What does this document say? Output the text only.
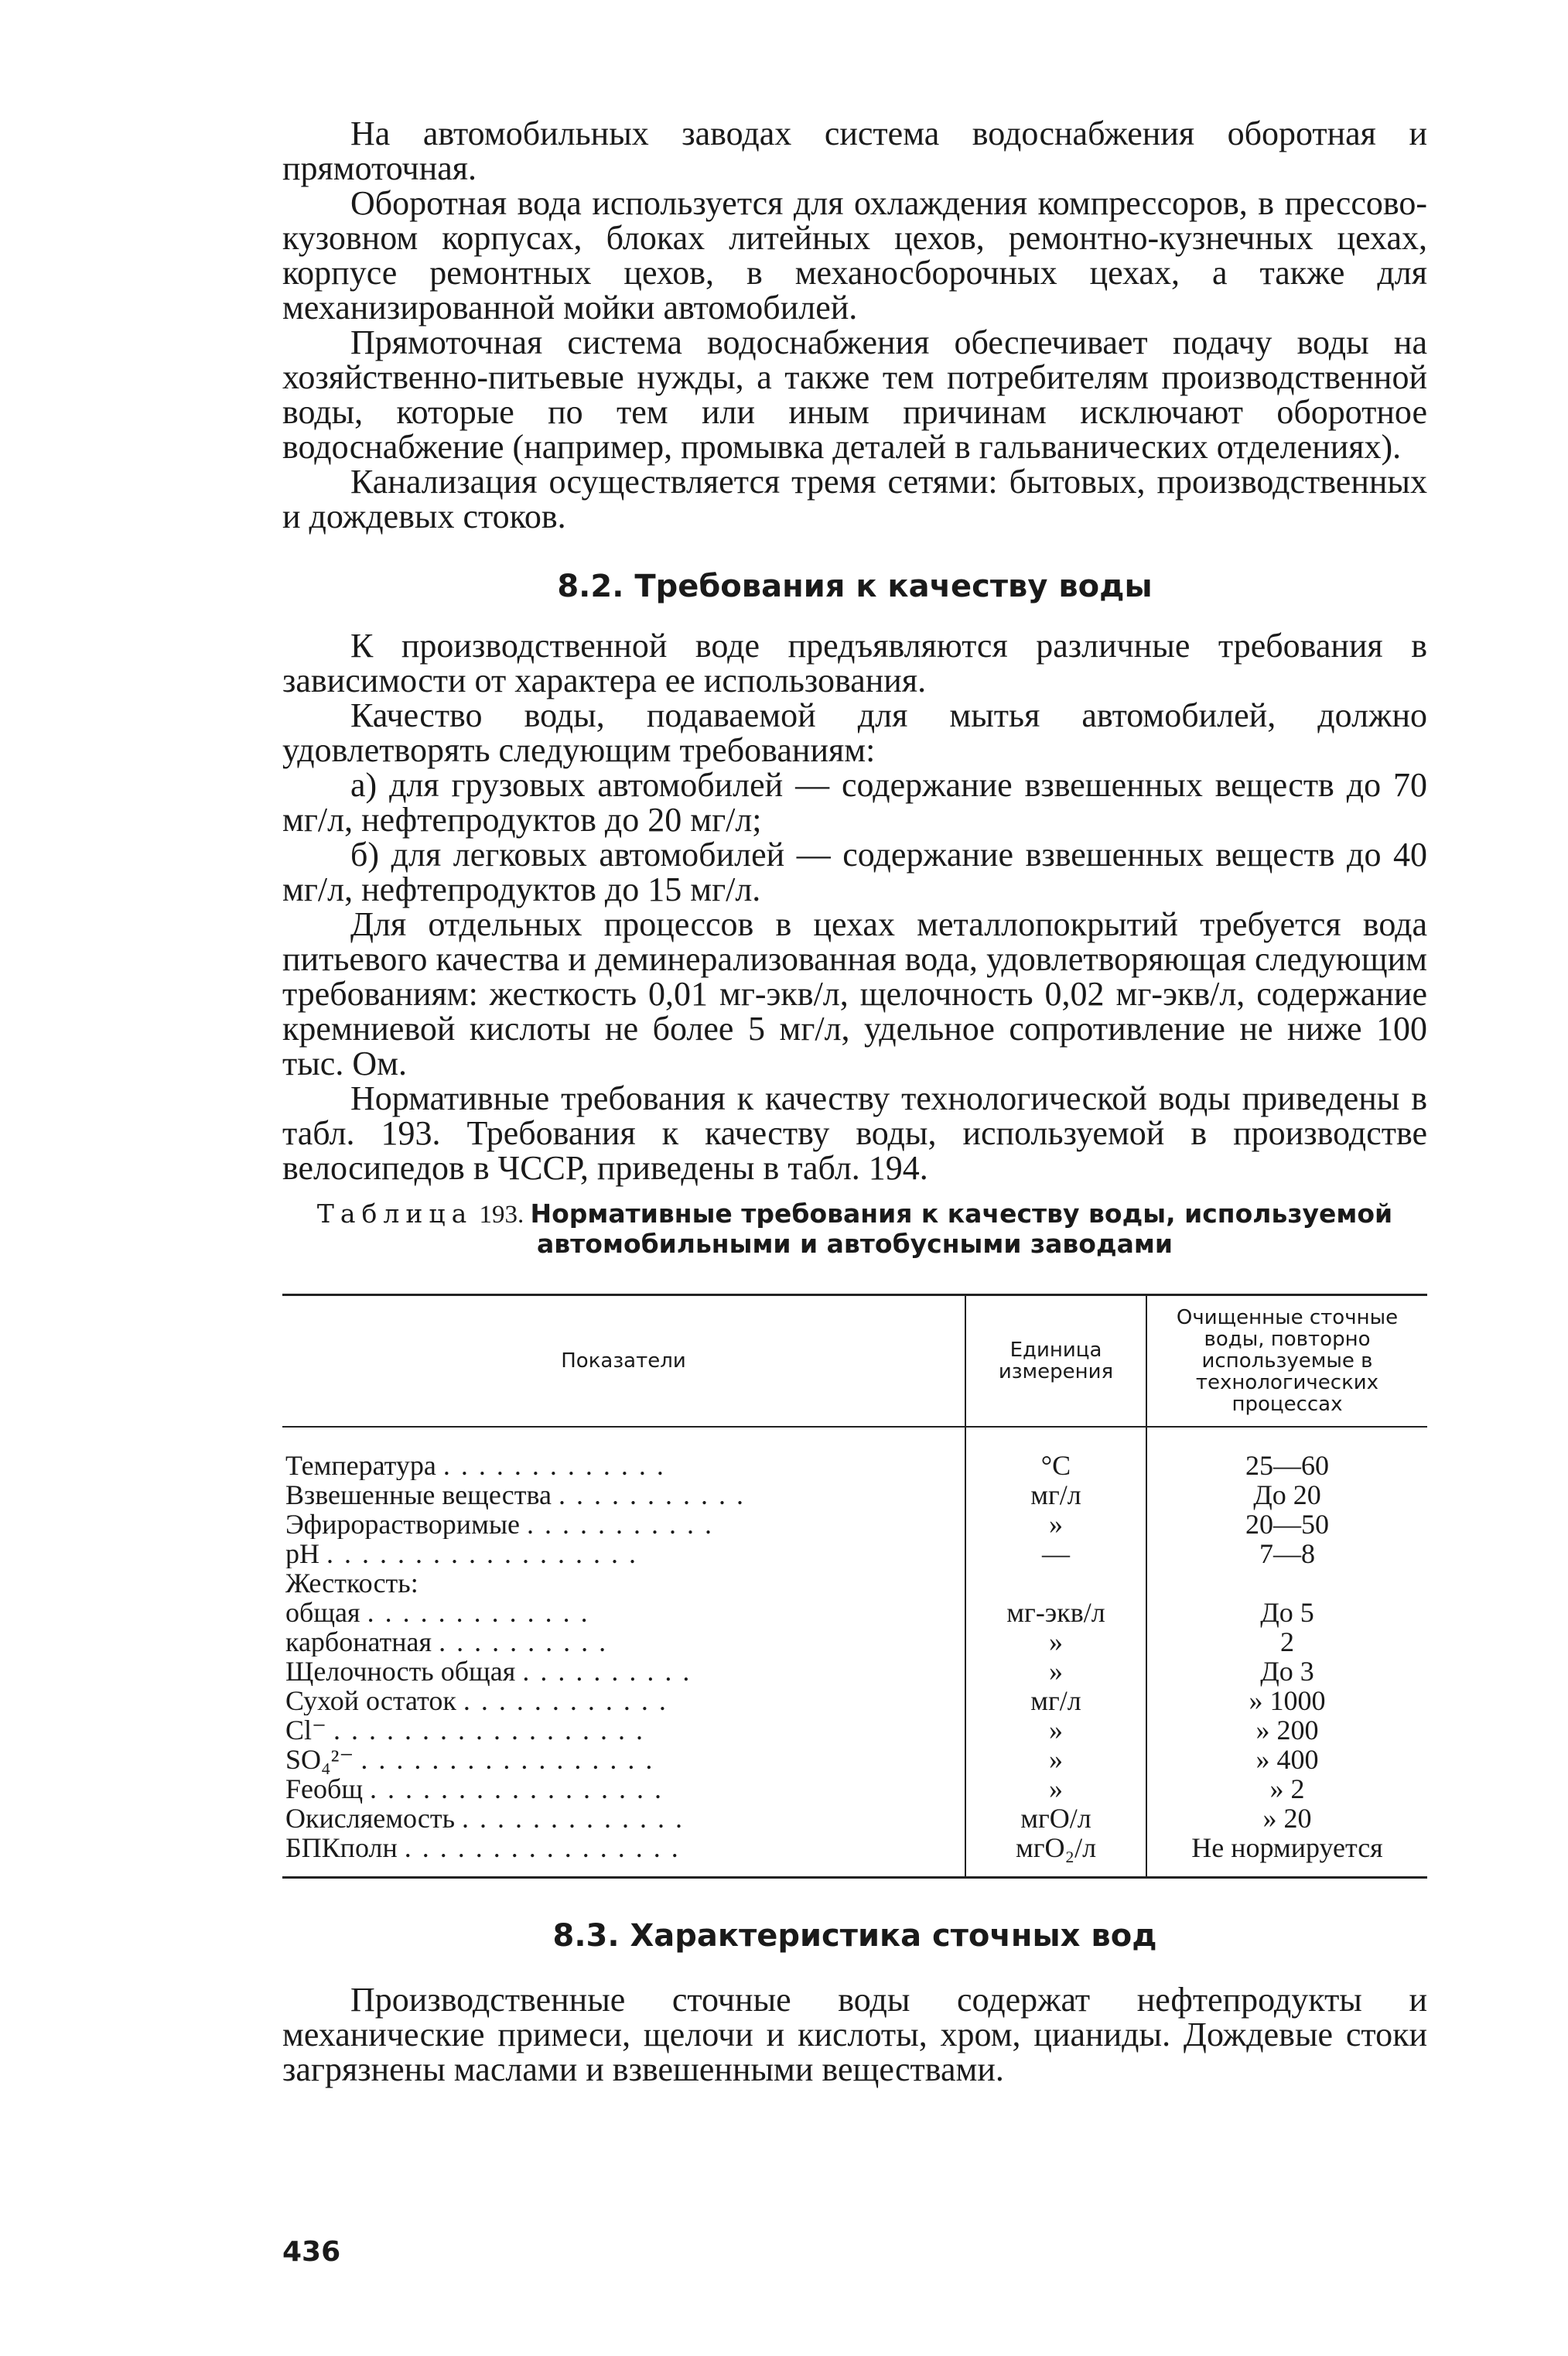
На автомобильных заводах система водоснабжения оборотная и прямоточная.

Оборотная вода используется для охлаждения компрессоров, в прессово-кузовном корпусах, блоках литейных цехов, ремонтно-кузнечных цехах, корпусе ремонтных цехов, в механосборочных цехах, а также для механизированной мойки автомобилей.

Прямоточная система водоснабжения обеспечивает подачу воды на хозяйственно-питьевые нужды, а также тем потребителям производственной воды, которые по тем или иным причинам исключают оборотное водоснабжение (например, промывка деталей в гальванических отделениях).

Канализация осуществляется тремя сетями: бытовых, производственных и дождевых стоков.

8.2. Требования к качеству воды

К производственной воде предъявляются различные требования в зависимости от характера ее использования.

Качество воды, подаваемой для мытья автомобилей, должно удовлетворять следующим требованиям:

а) для грузовых автомобилей — содержание взвешенных веществ до 70 мг/л, нефтепродуктов до 20 мг/л;

б) для легковых автомобилей — содержание взвешенных веществ до 40 мг/л, нефтепродуктов до 15 мг/л.

Для отдельных процессов в цехах металлопокрытий требуется вода питьевого качества и деминерализованная вода, удовлетворяющая следующим требованиям: жесткость 0,01 мг-экв/л, щелочность 0,02 мг-экв/л, содержание кремниевой кислоты не более 5 мг/л, удельное сопротивление не ниже 100 тыс. Ом.

Нормативные требования к качеству технологической воды приведены в табл. 193. Требования к качеству воды, используемой в производстве велосипедов в ЧССР, приведены в табл. 194.

Таблица 193. Нормативные требования к качеству воды, используемой автомобильными и автобусными заводами

Показатели	Единица измерения	Очищенные сточные воды, повторно используемые в технологических процессах
Температура .............	°С	25—60
Взвешенные вещества ...........	мг/л	До 20
Эфирорастворимые ...........	»	20—50
pH ..................	—	7—8
Жесткость:		
общая .............	мг-экв/л	До 5
карбонатная ..........	»	2
Щелочность общая ..........	»	До 3
Сухой остаток ............	мг/л	» 1000
Cl⁻ ..................	»	» 200
SO₄²⁻ .................	»	» 400
Feобщ .................	»	» 2
Окисляемость .............	мгО/л	» 20
БПКполн ................	мгО₂/л	Не нормируется
8.3. Характеристика сточных вод

Производственные сточные воды содержат нефтепродукты и механические примеси, щелочи и кислоты, хром, цианиды. Дождевые стоки загрязнены маслами и взвешенными веществами.

436
